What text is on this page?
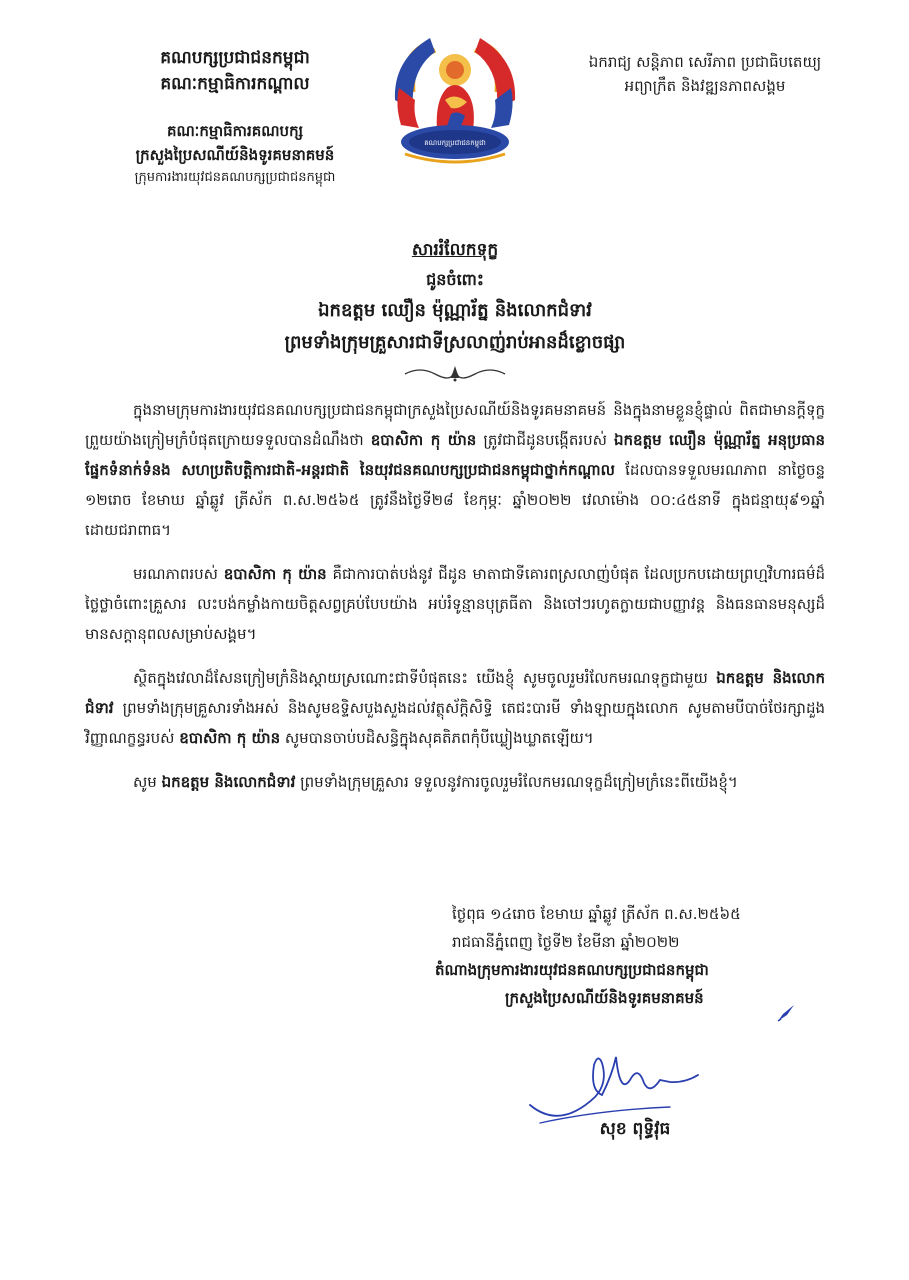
គណបក្សប្រជាជនកម្ពុជា
គណៈកម្មាធិការកណ្តាល
គណៈកម្មាធិការគណបក្ស
ក្រសួងប្រៃសណីយ៍និងទូរគមនាគមន៍
ក្រុមការងារយុវជនគណបក្សប្រជាជនកម្ពុជា
គណបក្សប្រជាជនកម្ពុជា
ឯករាជ្យ សន្តិភាព សេរីភាព ប្រជាធិបតេយ្យ
អព្យាក្រឹត និងវឌ្ឍនភាពសង្គម
សាររំលែកទុក្ខ
ជូនចំពោះ
ឯកឧត្តម ឈឿន ម៉ុណ្ណារ័ត្ន និងលោកជំទាវ
ព្រមទាំងក្រុមគ្រួសារជាទីស្រលាញ់រាប់អានដ៏ខ្លោចផ្សា

ក្នុងនាមក្រុមការងារយុវជនគណបក្សប្រជាជនកម្ពុជាក្រសួងប្រៃសណីយ៍និងទូរគមនាគមន៍ និងក្នុងនាមខ្លួនខ្ញុំផ្ទាល់ ពិតជាមានក្តីទុក្ខព្រួយយ៉ាងក្រៀមក្រំបំផុតក្រោយទទួលបានដំណឹងថា ឧបាសិកា កុ យ៉ាន ត្រូវជាជីដូនបង្កើតរបស់ ឯកឧត្តម ឈឿន ម៉ុណ្ណារ័ត្ន អនុប្រធានផ្នែកទំនាក់ទំនង សហប្រតិបត្តិការជាតិ-អន្តរជាតិ នៃយុវជនគណបក្សប្រជាជនកម្ពុជាថ្នាក់កណ្តាល ដែលបានទទួលមរណភាព នាថ្ងៃចន្ទ ១២រោច ខែមាឃ ឆ្នាំឆ្លូវ ត្រីស័ក ព.ស.២៥៦៥ ត្រូវនឹងថ្ងៃទី២៨ ខែកុម្ភៈ ឆ្នាំ២០២២ វេលាម៉ោង ០០:៤៥នាទី ក្នុងជន្មាយុ៩១ឆ្នាំ ដោយជរាពាធ។

មរណភាពរបស់ ឧបាសិកា កុ យ៉ាន គឺជាការបាត់បង់នូវ ជីដូន មាតាជាទីគោរពស្រលាញ់បំផុត ដែលប្រកបដោយព្រហ្មវិហារធម៌ដ៏ថ្លៃថ្លាចំពោះគ្រួសារ លះបង់កម្លាំងកាយចិត្តសព្វគ្រប់បែបយ៉ាង អប់រំទូន្មានបុត្រធីតា និងចៅៗរហូតក្លាយជាបញ្ញាវន្ត និងធនធានមនុស្សដ៏មានសក្តានុពលសម្រាប់សង្គម។

ស្ថិតក្នុងវេលាដ៏សែនក្រៀមក្រំនិងស្តាយស្រណោះជាទីបំផុតនេះ យើងខ្ញុំ សូមចូលរួមរំលែកមរណទុក្ខជាមួយ ឯកឧត្តម និងលោកជំទាវ ព្រមទាំងក្រុមគ្រួសារទាំងអស់ និងសូមឧទ្ទិសបួងសួងដល់វត្ថុស័ក្តិសិទ្ធិ តេជះបារមី ទាំងឡាយក្នុងលោក សូមតាមបីបាច់ថែរក្សាដួងវិញ្ញាណក្ខន្ធរបស់ ឧបាសិកា កុ យ៉ាន សូមបានចាប់បដិសន្ធិក្នុងសុគតិភពកុំបីឃ្លៀងឃ្លាតឡើយ។

សូម ឯកឧត្តម និងលោកជំទាវ ព្រមទាំងក្រុមគ្រួសារ ទទួលនូវការចូលរួមរំលែកមរណទុក្ខដ៏ក្រៀមក្រំនេះពីយើងខ្ញុំ។

ថ្ងៃពុធ ១៤រោច ខែមាឃ ឆ្នាំឆ្លូវ ត្រីស័ក ព.ស.២៥៦៥
រាជធានីភ្នំពេញ ថ្ងៃទី២ ខែមីនា ឆ្នាំ២០២២
តំណាងក្រុមការងារយុវជនគណបក្សប្រជាជនកម្ពុជា
ក្រសួងប្រៃសណីយ៍និងទូរគមនាគមន៍
សុខ ពុទ្ធិវុធ
